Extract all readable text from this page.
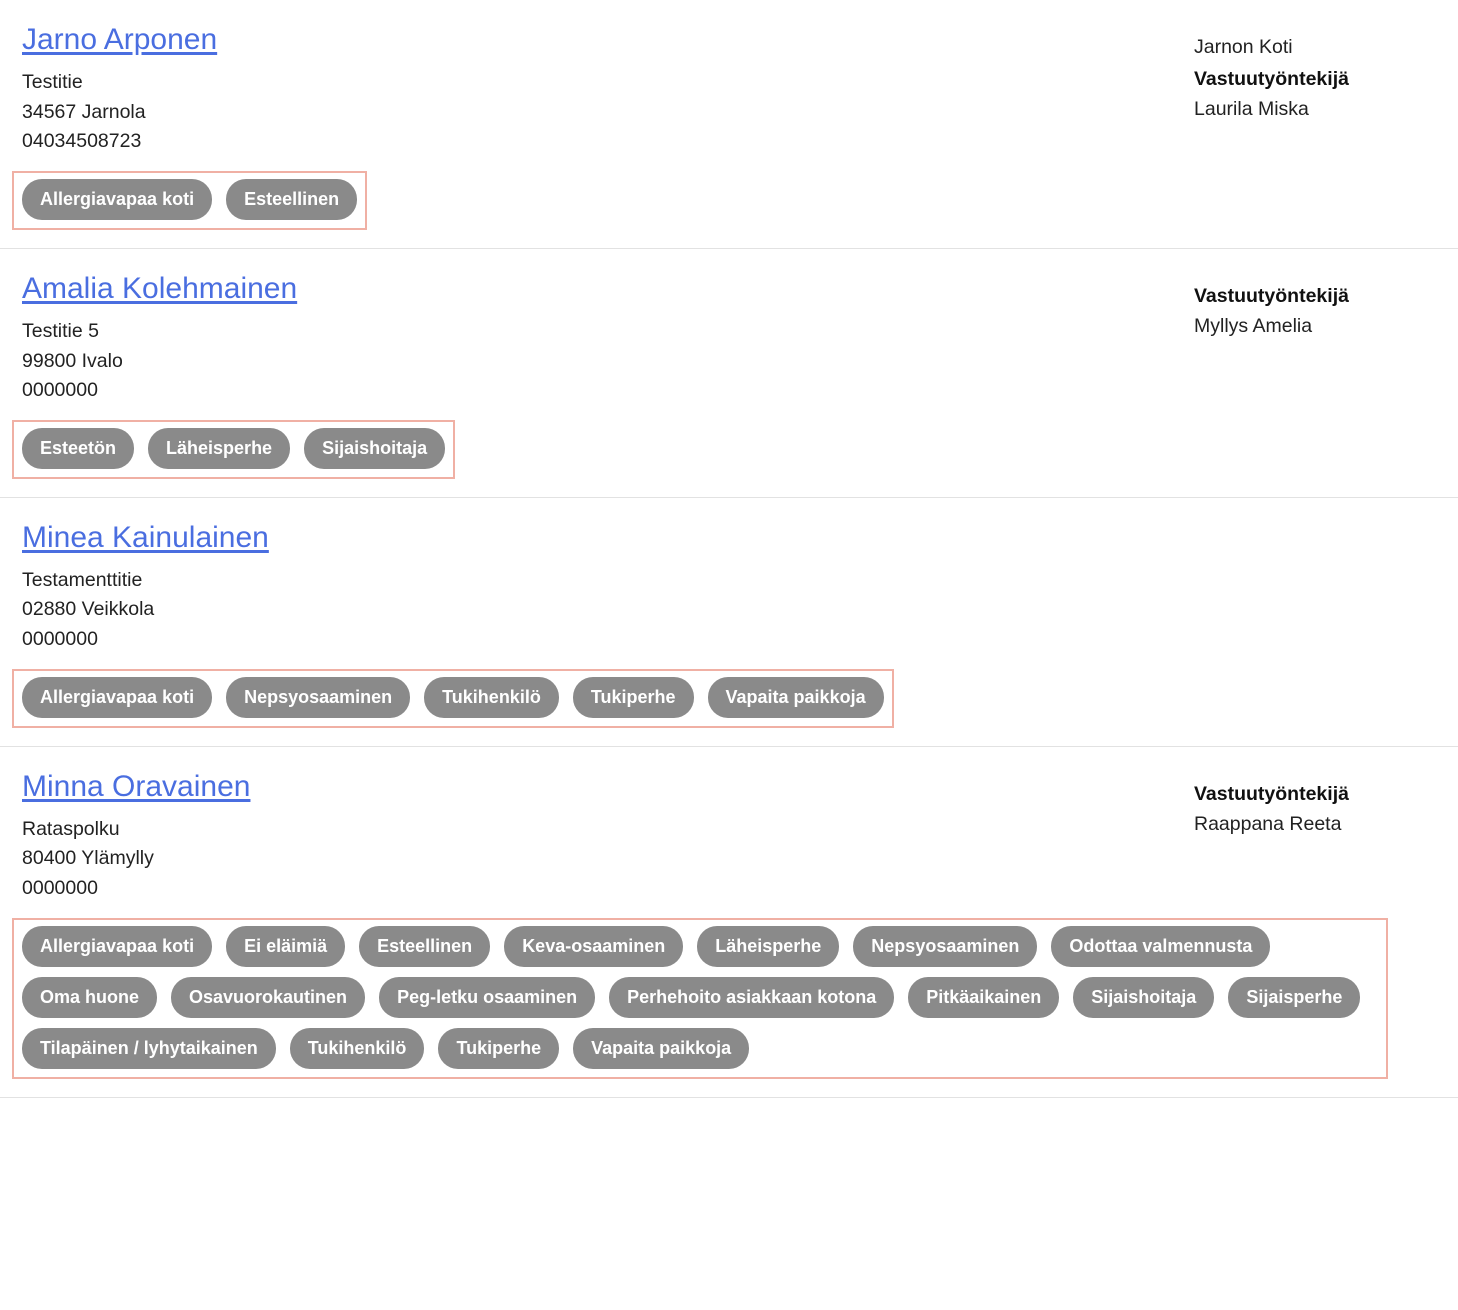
Jarno Arponen
Testitie
34567 Jarnola
04034508723
Jarnon Koti
Vastuutyöntekijä
Laurila Miska
Allergiavapaa koti	Esteellinen
Amalia Kolehmainen
Testitie 5
99800 Ivalo
0000000
Vastuutyöntekijä
Myllys Amelia
Esteetön	Läheisperhe	Sijaishoitaja
Minea Kainulainen
Testamenttitie
02880 Veikkola
0000000
Allergiavapaa koti	Nepsyosaaminen	Tukihenkilö	Tukiperhe	Vapaita paikkoja
Minna Oravainen
Rataspolku
80400 Ylämylly
0000000
Vastuutyöntekijä
Raappana Reeta
Allergiavapaa koti	Ei eläimiä	Esteellinen	Keva-osaaminen	Läheisperhe	Nepsyosaaminen	Odottaa valmennusta
Oma huone	Osavuorokautinen	Peg-letku osaaminen	Perhehoito asiakkaan kotona	Pitkäaikainen	Sijaishoitaja	Sijaisperhe
Tilapäinen / lyhytaikainen	Tukihenkilö	Tukiperhe	Vapaita paikkoja
